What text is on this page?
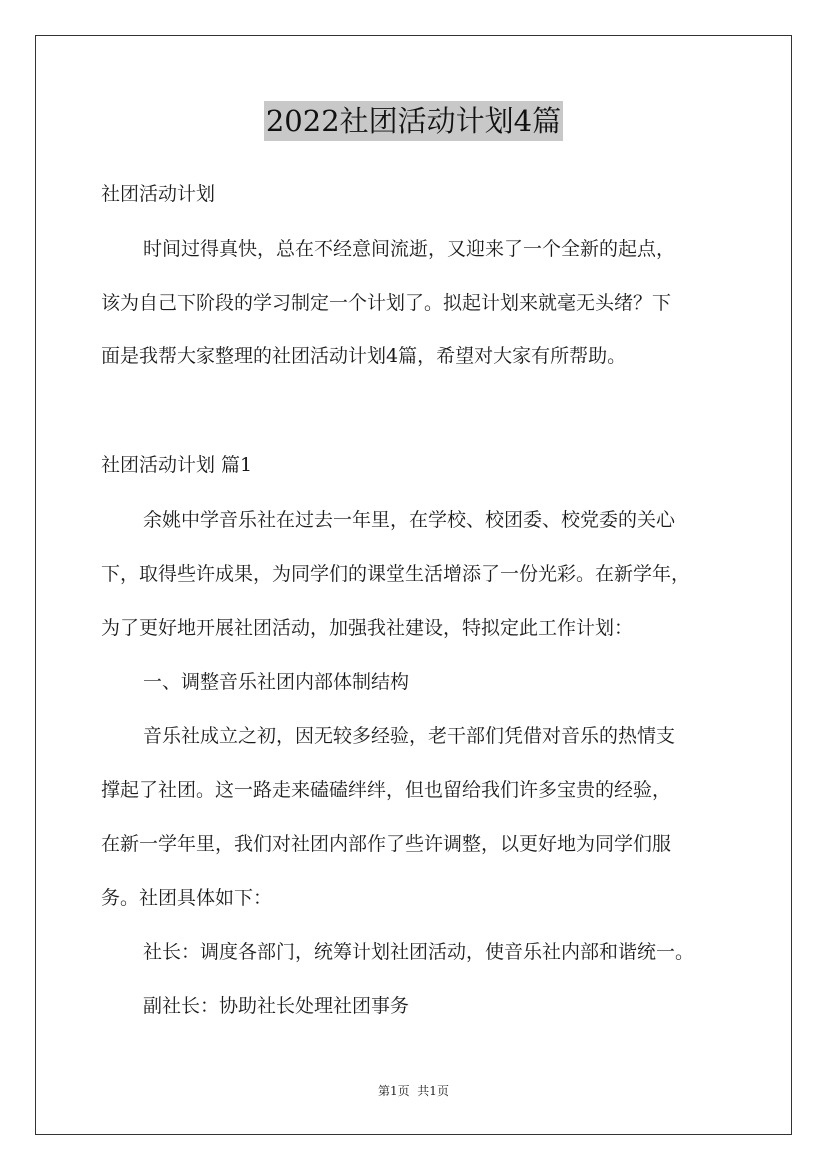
2022社团活动计划4篇
社团活动计划
时间过得真快，总在不经意间流逝，又迎来了一个全新的起点，
该为自己下阶段的学习制定一个计划了。拟起计划来就毫无头绪？下
面是我帮大家整理的社团活动计划4篇，希望对大家有所帮助。
社团活动计划 篇1
余姚中学音乐社在过去一年里，在学校、校团委、校党委的关心
下，取得些许成果，为同学们的课堂生活增添了一份光彩。在新学年，
为了更好地开展社团活动，加强我社建设，特拟定此工作计划：
一、调整音乐社团内部体制结构
音乐社成立之初，因无较多经验，老干部们凭借对音乐的热情支
撑起了社团。这一路走来磕磕绊绊，但也留给我们许多宝贵的经验，
在新一学年里，我们对社团内部作了些许调整，以更好地为同学们服
务。社团具体如下：
社长：调度各部门，统筹计划社团活动，使音乐社内部和谐统一。
副社长：协助社长处理社团事务
第1页  共1页
